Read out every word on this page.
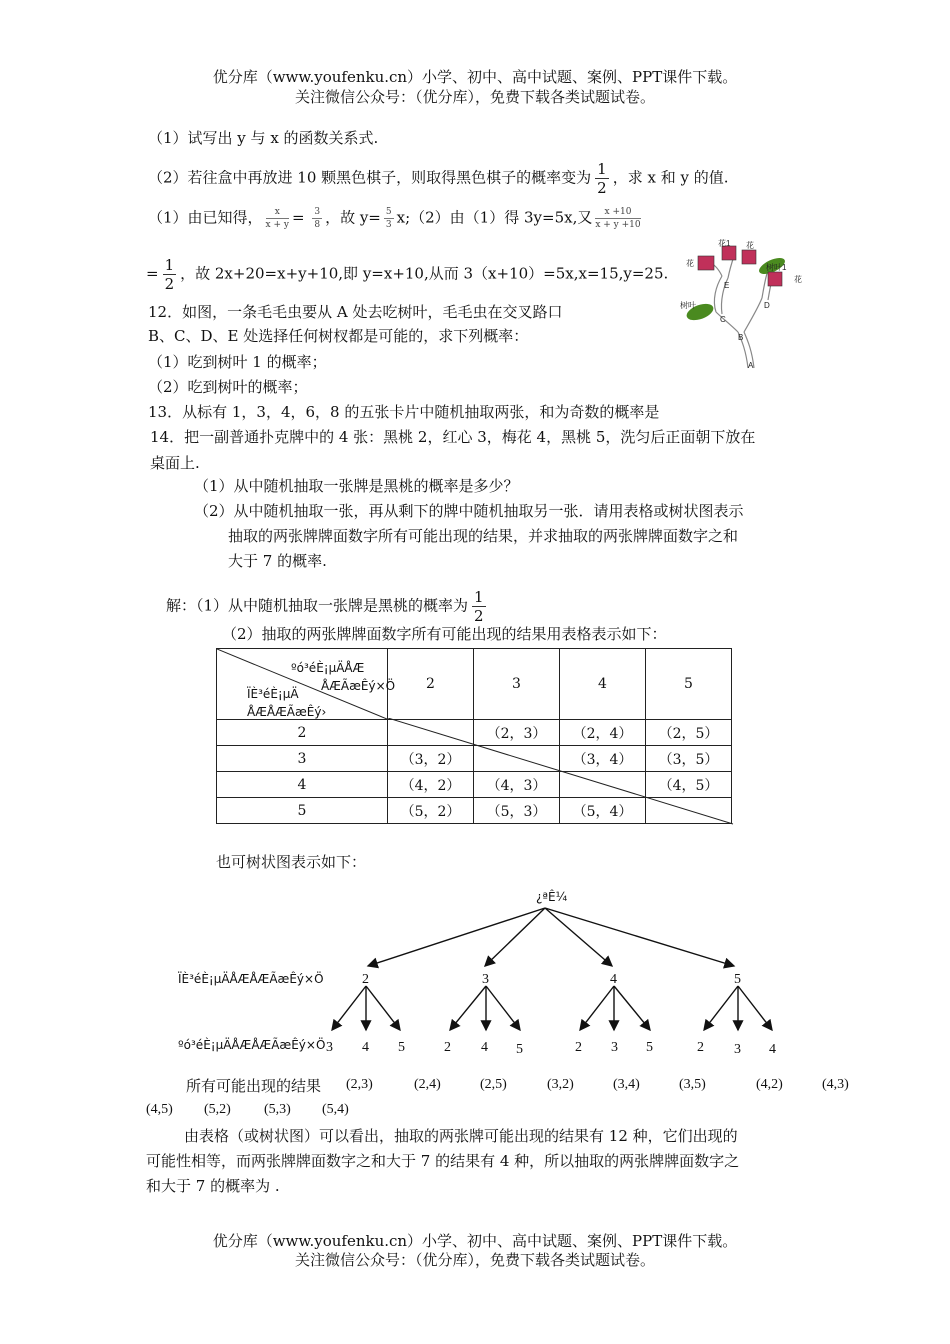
优分库（www.youfenku.cn）小学、初中、高中试题、案例、PPT课件下载。
关注微信公众号：（优分库），免费下载各类试题试卷。
（1）试写出 y 与 x 的函数关系式.
（2）若往盒中再放进 10 颗黑色棋子，则取得黑色棋子的概率变为 $\frac{1}{2}$ ，求 x 和 y 的值.
（1）由已知得， $\frac{x}{x + y} = \frac{3}{8}$ ，故 $y= \frac{5}{3}$ x;（2）由（1）得 3y=5x,又 $\frac{x +10}{x + y +10}$
= $\frac{1}{2}$ ，故 2x+20=x+y+10,即 y=x+10,从而 3（x+10）=5x,x=15,y=25.
12．如图，一条毛毛虫要从 A 处去吃树叶，毛毛虫在交叉路口
B、C、D、E 处选择任何树杈都是可能的，求下列概率：
（1）吃到树叶 1 的概率；
（2）吃到树叶的概率；
花
花1 花
花
树叶1
树叶
A
B
C
D
E
13．从标有 1，3，4，6，8 的五张卡片中随机抽取两张，和为奇数的概率是
14．把一副普通扑克牌中的 4 张：黑桃 2，红心 3，梅花 4，黑桃 5，洗匀后正面朝下放在
桌面上.
（1）从中随机抽取一张牌是黑桃的概率是多少？
（2）从中随机抽取一张，再从剩下的牌中随机抽取另一张．请用表格或树状图表示
抽取的两张牌牌面数字所有可能出现的结果，并求抽取的两张牌牌面数字之和
大于 7 的概率.
解：（1）从中随机抽取一张牌是黑桃的概率为 $\frac{1}{2}$
（2）抽取的两张牌牌面数字所有可能出现的结果用表格表示如下：
ºó³éÈ¡µÄÅÆ
ÅÆÃæÊý×Ö
ÏÈ³éÈ¡µÄ
ÅÆÅÆÃæÊý›	2	3	4	5
2		（2，3）	（2，4）	（2，5）
3	（3，2）		（3，4）	（3，5）
4	（4，2）	（4，3）		（4，5）
5	（5，2）	（5，3）	（5，4）	
也可树状图表示如下：
¿ªÊ¼
ÏÈ³éÈ¡µÄÅÆÅÆÃæÊý×Ö
ºó³éÈ¡µÄÅÆÅÆÃæÊý×Ö
2	3	4	5
3 4 5	2 4 5	2 3 5	2 3 4
所有可能出现的结果 (2,3)	(2,4)	(2,5)	(3,2)	(3,4)	(3,5)	(4,2)	(4,3)
(4,5) (5,2) (5,3) (5,4)
由表格（或树状图）可以看出，抽取的两张牌可能出现的结果有 12 种，它们出现的
可能性相等，而两张牌牌面数字之和大于 7 的结果有 4 种，所以抽取的两张牌牌面数字之
和大于 7 的概率为 .
优分库（www.youfenku.cn）小学、初中、高中试题、案例、PPT课件下载。
关注微信公众号：（优分库），免费下载各类试题试卷。
